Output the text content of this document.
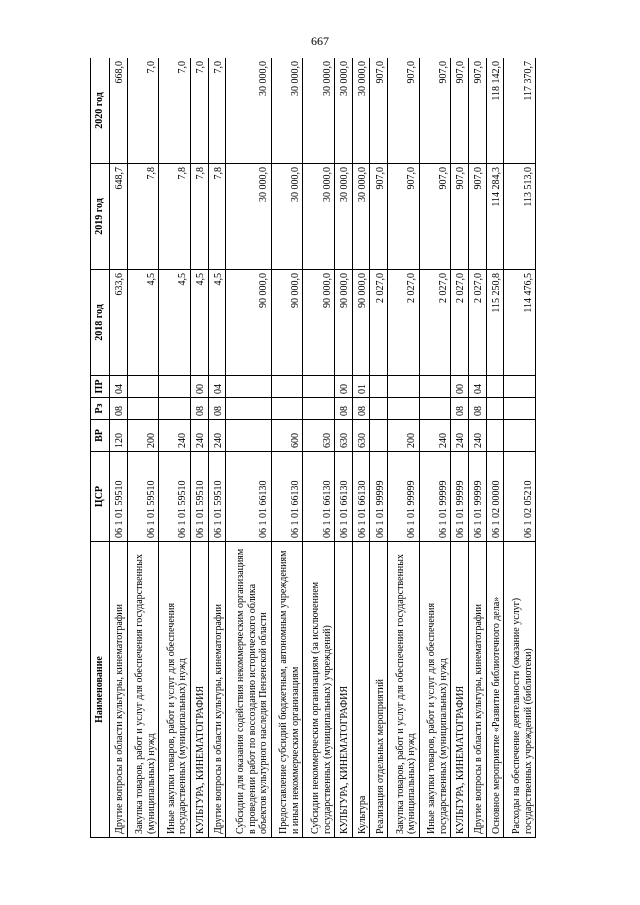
667
Наименование	ЦСР	ВР	Рз	ПР	2018 год	2019 год	2020 год
Другие вопросы в области культуры, кинематографии	06 1 01 59510	120	08	04	633,6	648,7	668,0
Закупка товаров, работ и услуг для обеспечения государственных (муниципальных) нужд	06 1 01 59510	200			4,5	7,8	7,0
Иные закупки товаров, работ и услуг для обеспечения государственных (муниципальных) нужд	06 1 01 59510	240			4,5	7,8	7,0
КУЛЬТУРА, КИНЕМАТОГРАФИЯ	06 1 01 59510	240	08	00	4,5	7,8	7,0
Другие вопросы в области культуры, кинематографии	06 1 01 59510	240	08	04	4,5	7,8	7,0
Субсидии для оказания содействия некоммерческим организациям в проведении работ по воссозданию исторического облика объектов культурного наследия Пензенской области	06 1 01 66130				90 000,0	30 000,0	30 000,0
Предоставление субсидий бюджетным, автономным учреждениям и иным некоммерческим организациям	06 1 01 66130	600			90 000,0	30 000,0	30 000,0
Субсидии некоммерческим организациям (за исключением государственных (муниципальных) учреждений)	06 1 01 66130	630			90 000,0	30 000,0	30 000,0
КУЛЬТУРА, КИНЕМАТОГРАФИЯ	06 1 01 66130	630	08	00	90 000,0	30 000,0	30 000,0
Культура	06 1 01 66130	630	08	01	90 000,0	30 000,0	30 000,0
Реализация отдельных мероприятий	06 1 01 99999				2 027,0	907,0	907,0
Закупка товаров, работ и услуг для обеспечения государственных (муниципальных) нужд	06 1 01 99999	200			2 027,0	907,0	907,0
Иные закупки товаров, работ и услуг для обеспечения государственных (муниципальных) нужд	06 1 01 99999	240			2 027,0	907,0	907,0
КУЛЬТУРА, КИНЕМАТОГРАФИЯ	06 1 01 99999	240	08	00	2 027,0	907,0	907,0
Другие вопросы в области культуры, кинематографии	06 1 01 99999	240	08	04	2 027,0	907,0	907,0
Основное мероприятие «Развитие библиотечного дела»	06 1 02 00000				115 250,8	114 284,3	118 142,0
Расходы на обеспечение деятельности (оказание услуг) государственных учреждений (библиотеки)	06 1 02 05210				114 476,5	113 513,0	117 370,7
